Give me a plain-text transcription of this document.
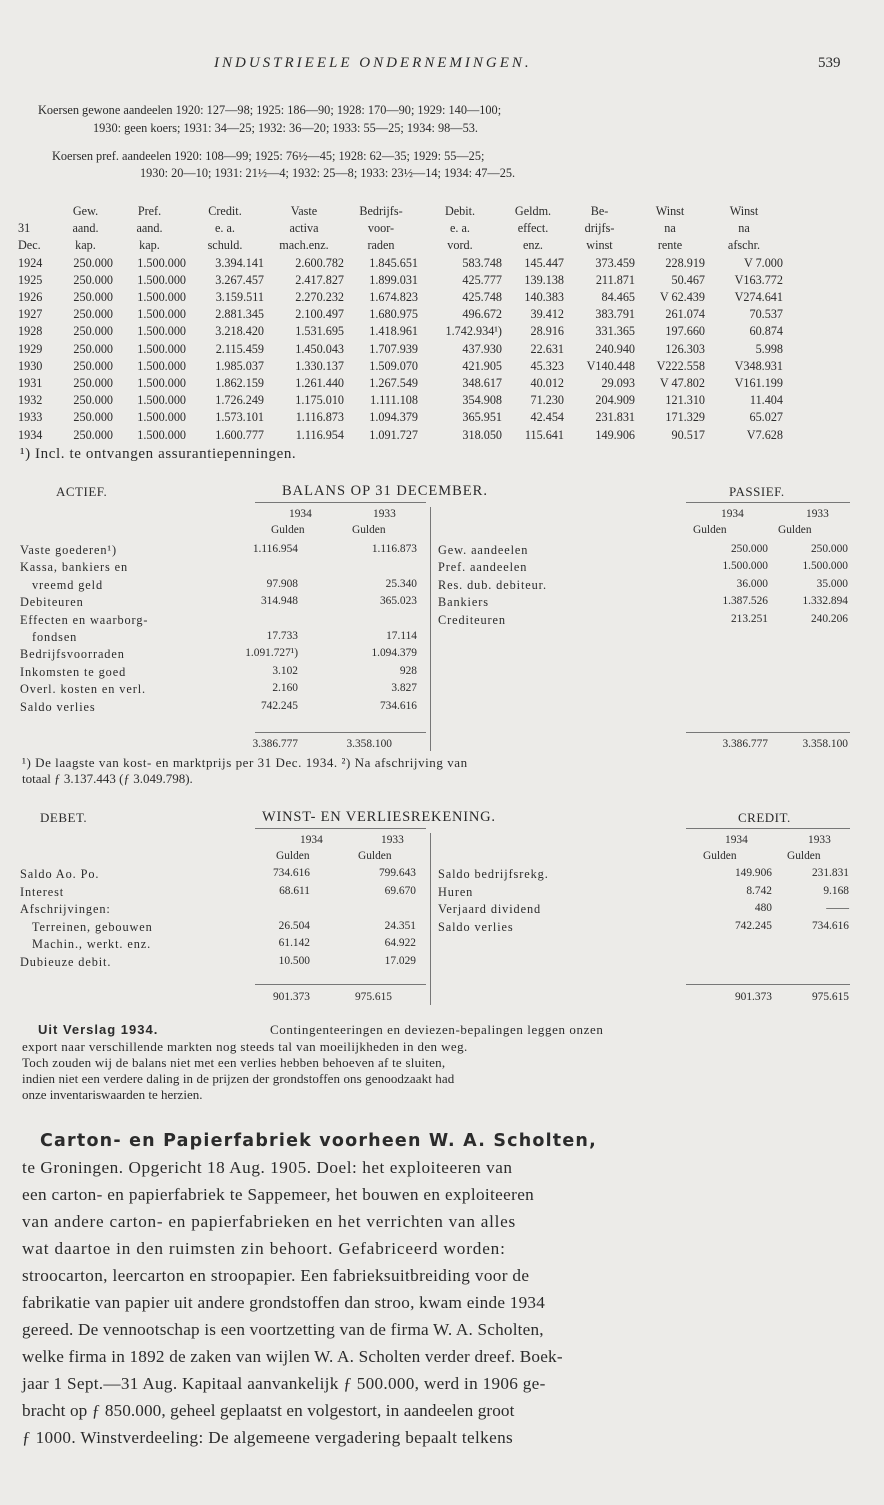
INDUSTRIEELE ONDERNEMINGEN.	539
Koersen gewone aandeelen 1920: 127—98; 1925: 186—90; 1928: 170—90; 1929: 140—100;
1930: geen koers; 1931: 34—25; 1932: 36—20; 1933: 55—25; 1934: 98—53.
Koersen pref. aandeelen 1920: 108—99; 1925: 76½—45; 1928: 62—35; 1929: 55—25;
1930: 20—10; 1931: 21½—4; 1932: 25—8; 1933: 23½—14; 1934: 47—25.
	Gew.	Pref.	Credit.	Vaste	Bedrijfs-	Debit.	Geldm.	Be-	Winst	Winst
31	aand.	aand.	e. a.	activa	voor-	e. a.	effect.	drijfs-	na	na
Dec.	kap.	kap.	schuld.	mach.enz.	raden	vord.	enz.	winst	rente	afschr.
1924	250.000	1.500.000	3.394.141	2.600.782	1.845.651	583.748	145.447	373.459	228.919	V 7.000
1925	250.000	1.500.000	3.267.457	2.417.827	1.899.031	425.777	139.138	211.871	50.467	V163.772
1926	250.000	1.500.000	3.159.511	2.270.232	1.674.823	425.748	140.383	84.465	V 62.439	V274.641
1927	250.000	1.500.000	2.881.345	2.100.497	1.680.975	496.672	39.412	383.791	261.074	70.537
1928	250.000	1.500.000	3.218.420	1.531.695	1.418.961	1.742.934¹)	28.916	331.365	197.660	60.874
1929	250.000	1.500.000	2.115.459	1.450.043	1.707.939	437.930	22.631	240.940	126.303	5.998
1930	250.000	1.500.000	1.985.037	1.330.137	1.509.070	421.905	45.323	V140.448	V222.558	V348.931
1931	250.000	1.500.000	1.862.159	1.261.440	1.267.549	348.617	40.012	29.093	V 47.802	V161.199
1932	250.000	1.500.000	1.726.249	1.175.010	1.111.108	354.908	71.230	204.909	121.310	11.404
1933	250.000	1.500.000	1.573.101	1.116.873	1.094.379	365.951	42.454	231.831	171.329	65.027
1934	250.000	1.500.000	1.600.777	1.116.954	1.091.727	318.050	115.641	149.906	90.517	V7.628
¹) Incl. te ontvangen assurantiepenningen.
ACTIEF.	BALANS OP 31 DECEMBER.	PASSIEF.
1934	1933
Gulden	Gulden
1934	1933
Gulden	Gulden
Vaste goederen¹)	1.116.954	1.116.873
Kassa, bankiers en
vreemd geld	97.908	25.340
Debiteuren	314.948	365.023
Effecten en waarborg-
fondsen	17.733	17.114
Bedrijfsvoorraden	1.091.727¹)	1.094.379
Inkomsten te goed	3.102	928
Overl. kosten en verl.	2.160	3.827
Saldo verlies	742.245	734.616
Gew. aandeelen	250.000	250.000
Pref. aandeelen	1.500.000	1.500.000
Res. dub. debiteur.	36.000	35.000
Bankiers	1.387.526	1.332.894
Crediteuren	213.251	240.206
3.386.777	3.358.100	3.386.777	3.358.100
¹) De laagste van kost- en marktprijs per 31 Dec. 1934. ²) Na afschrijving van
totaal ƒ 3.137.443 (ƒ 3.049.798).
DEBET.	WINST- EN VERLIESREKENING.	CREDIT.
1934	1933
Gulden	Gulden
1934	1933
Gulden	Gulden
Saldo Ao. Po.	734.616	799.643
Interest	68.611	69.670
Afschrijvingen:
Terreinen, gebouwen	26.504	24.351
Machin., werkt. enz.	61.142	64.922
Dubieuze debit.	10.500	17.029
Saldo bedrijfsrekg.	149.906	231.831
Huren	8.742	9.168
Verjaard dividend	480	——
Saldo verlies	742.245	734.616
901.373	975.615	901.373	975.615
Uit Verslag 1934.	Contingenteeringen en deviezen-bepalingen leggen onzen
export naar verschillende markten nog steeds tal van moeilijkheden in den weg.
Toch zouden wij de balans niet met een verlies hebben behoeven af te sluiten,
indien niet een verdere daling in de prijzen der grondstoffen ons genoodzaakt had
onze inventariswaarden te herzien.
Carton- en Papierfabriek voorheen W. A. Scholten,
te Groningen. Opgericht 18 Aug. 1905. Doel: het exploiteeren van
een carton- en papierfabriek te Sappemeer, het bouwen en exploiteeren
van andere carton- en papierfabrieken en het verrichten van alles
wat daartoe in den ruimsten zin behoort. Gefabriceerd worden:
stroocarton, leercarton en stroopapier. Een fabrieksuitbreiding voor de
fabrikatie van papier uit andere grondstoffen dan stroo, kwam einde 1934
gereed. De vennootschap is een voortzetting van de firma W. A. Scholten,
welke firma in 1892 de zaken van wijlen W. A. Scholten verder dreef. Boek-
jaar 1 Sept.—31 Aug. Kapitaal aanvankelijk ƒ 500.000, werd in 1906 ge-
bracht op ƒ 850.000, geheel geplaatst en volgestort, in aandeelen groot
ƒ 1000. Winstverdeeling: De algemeene vergadering bepaalt telkens
